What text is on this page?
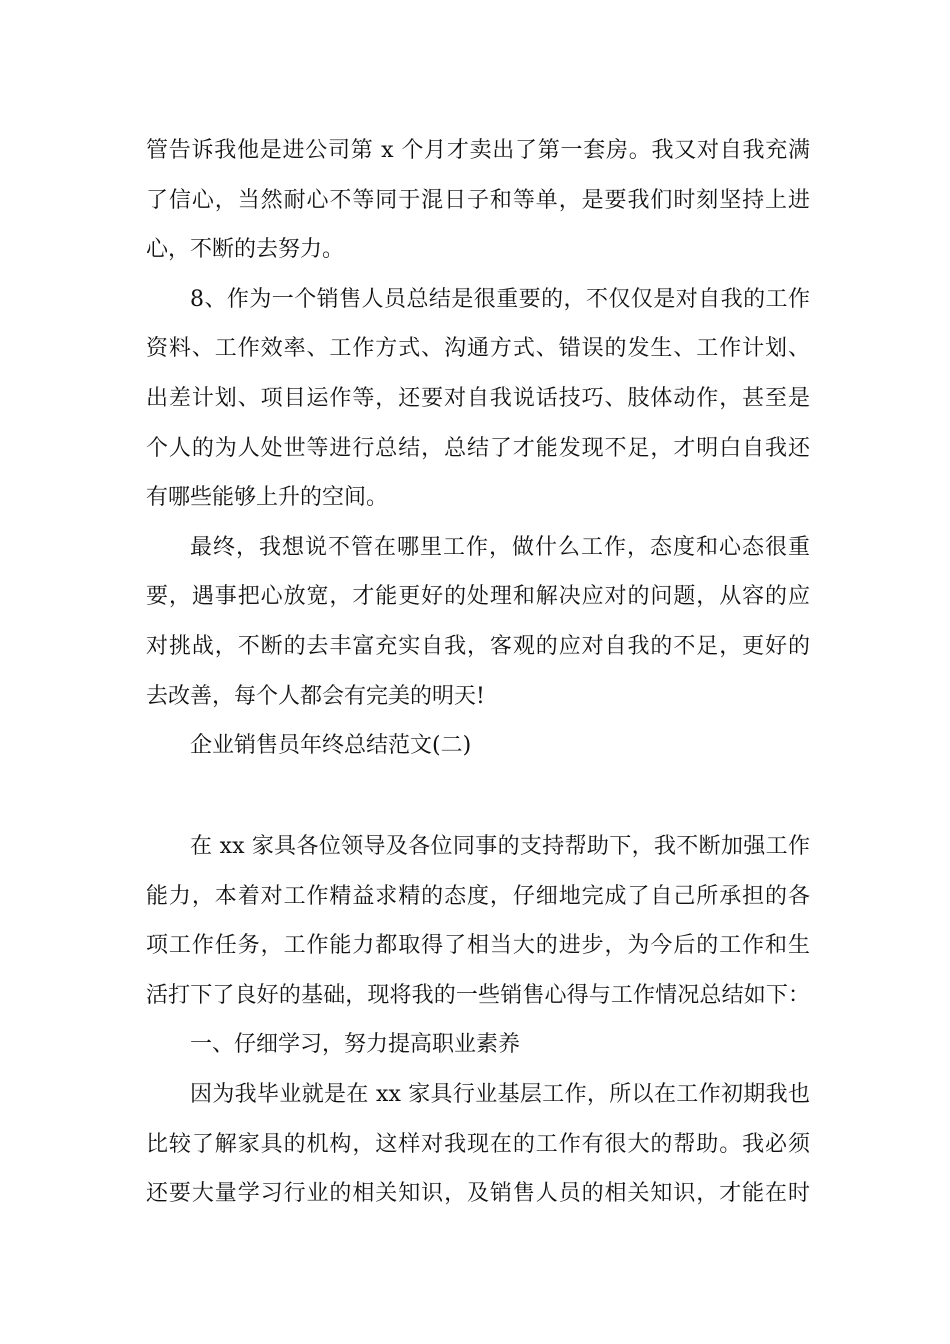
管告诉我他是进公司第 x 个月才卖出了第一套房。我又对自我充满
了信心，当然耐心不等同于混日子和等单，是要我们时刻坚持上进
心，不断的去努力。
8、作为一个销售人员总结是很重要的，不仅仅是对自我的工作
资料、工作效率、工作方式、沟通方式、错误的发生、工作计划、
出差计划、项目运作等，还要对自我说话技巧、肢体动作，甚至是
个人的为人处世等进行总结，总结了才能发现不足，才明白自我还
有哪些能够上升的空间。
最终，我想说不管在哪里工作，做什么工作，态度和心态很重
要，遇事把心放宽，才能更好的处理和解决应对的问题，从容的应
对挑战，不断的去丰富充实自我，客观的应对自我的不足，更好的
去改善，每个人都会有完美的明天!
企业销售员年终总结范文(二)
在 xx 家具各位领导及各位同事的支持帮助下，我不断加强工作
能力，本着对工作精益求精的态度，仔细地完成了自己所承担的各
项工作任务，工作能力都取得了相当大的进步，为今后的工作和生
活打下了良好的基础，现将我的一些销售心得与工作情况总结如下：
一、仔细学习，努力提高职业素养
因为我毕业就是在 xx 家具行业基层工作，所以在工作初期我也
比较了解家具的机构，这样对我现在的工作有很大的帮助。我必须
还要大量学习行业的相关知识，及销售人员的相关知识，才能在时
